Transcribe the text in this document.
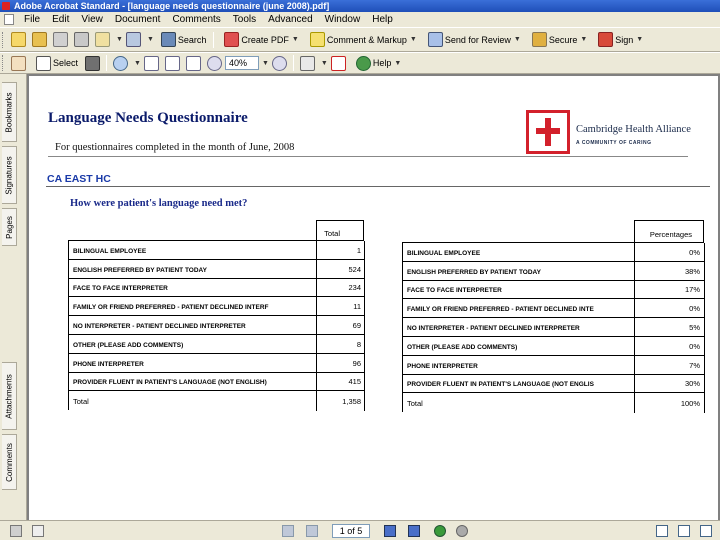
Adobe Acrobat Standard - [language needs questionnaire (june 2008).pdf]
File	Edit	View	Document	Comments	Tools	Advanced	Window	Help
▼	▼	Search	Create PDF ▼	Comment & Markup ▼	Send for Review ▼	Secure ▼	Sign ▼
Select	▼	40%	▼	▼	Help ▼
Bookmarks
Signatures
Pages
Attachments
Comments
Language Needs Questionnaire
For questionnaires completed in the month of June, 2008
Cambridge Health Alliance
A COMMUNITY OF CARING
CA EAST HC
How were patient's language need met?
Total
BILINGUAL EMPLOYEE	1
ENGLISH PREFERRED BY PATIENT TODAY	524
FACE TO FACE INTERPRETER	234
FAMILY OR FRIEND PREFERRED - PATIENT DECLINED INTERF	11
NO INTERPRETER - PATIENT DECLINED INTERPRETER	69
OTHER (PLEASE ADD COMMENTS)	8
PHONE INTERPRETER	96
PROVIDER FLUENT IN PATIENT'S LANGUAGE (NOT ENGLISH)	415
Total	1,358
Percentages
BILINGUAL EMPLOYEE	0%
ENGLISH PREFERRED BY PATIENT TODAY	38%
FACE TO FACE INTERPRETER	17%
FAMILY OR FRIEND PREFERRED - PATIENT DECLINED INTE	0%
NO INTERPRETER - PATIENT DECLINED INTERPRETER	5%
OTHER (PLEASE ADD COMMENTS)	0%
PHONE INTERPRETER	7%
PROVIDER FLUENT IN PATIENT'S LANGUAGE (NOT ENGLIS	30%
Total	100%
1 of 5
